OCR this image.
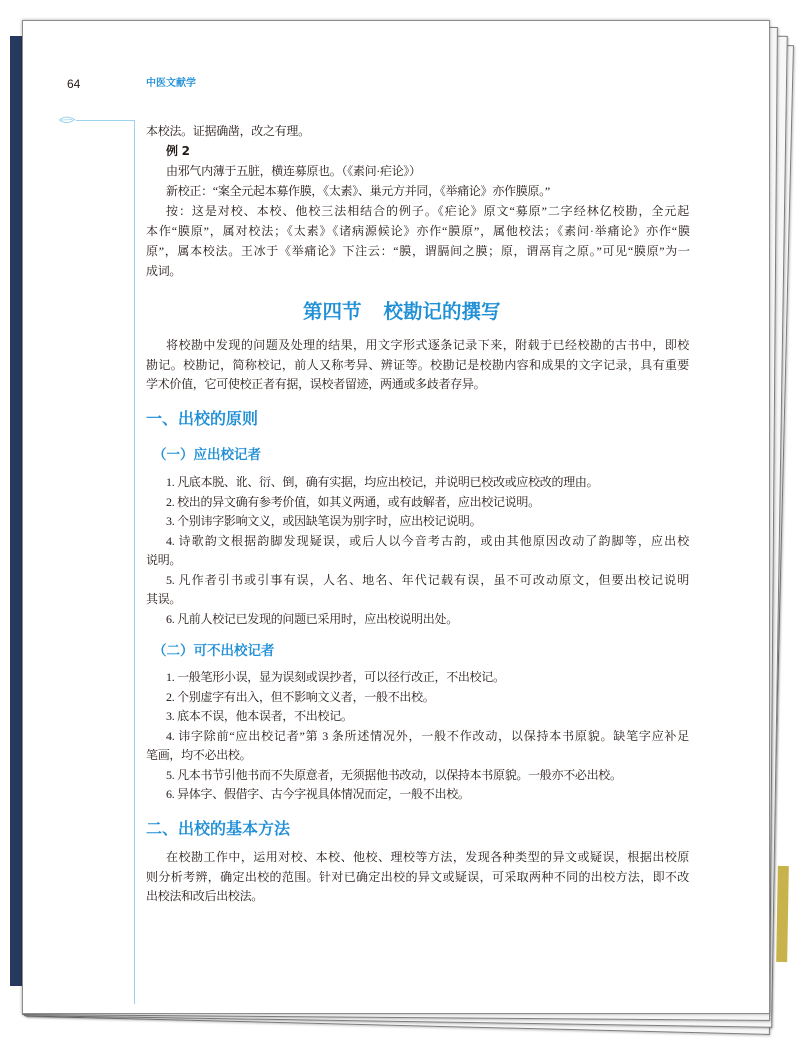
64	中医文献学
本校法。证据确凿，改之有理。
例 2
由邪气内薄于五脏，横连募原也。（《素问·疟论》）
新校正：“案全元起本募作膜，《太素》、巢元方并同，《举痛论》亦作膜原。”
按：这是对校、本校、他校三法相结合的例子。《疟论》原文“募原”二字经林亿校勘，全元起
本作“膜原”，属对校法；《太素》《诸病源候论》亦作“膜原”，属他校法；《素问·举痛论》亦作“膜
原”，属本校法。王冰于《举痛论》下注云：“膜，谓膈间之膜；原，谓鬲肓之原。”可见“膜原”为一
成词。
第四节 校勘记的撰写
将校勘中发现的问题及处理的结果，用文字形式逐条记录下来，附载于已经校勘的古书中，即校
勘记。校勘记，简称校记，前人又称考异、辨证等。校勘记是校勘内容和成果的文字记录，具有重要
学术价值，它可使校正者有据，误校者留迹，两通或多歧者存异。
一、出校的原则
（一）应出校记者
1. 凡底本脱、讹、衍、倒，确有实据，均应出校记，并说明已校改或应校改的理由。
2. 校出的异文确有参考价值，如其义两通，或有歧解者，应出校记说明。
3. 个别讳字影响文义，或因缺笔误为别字时，应出校记说明。
4. 诗歌韵文根据韵脚发现疑误，或后人以今音考古韵，或由其他原因改动了韵脚等，应出校
说明。
5. 凡作者引书或引事有误，人名、地名、年代记载有误，虽不可改动原文，但要出校记说明
其误。
6. 凡前人校记已发现的问题已采用时，应出校说明出处。
（二）可不出校记者
1. 一般笔形小误，显为误刻或误抄者，可以径行改正，不出校记。
2. 个别虚字有出入，但不影响文义者，一般不出校。
3. 底本不误，他本误者，不出校记。
4. 讳字除前“应出校记者”第 3 条所述情况外，一般不作改动，以保持本书原貌。缺笔字应补足
笔画，均不必出校。
5. 凡本书节引他书而不失原意者，无须据他书改动，以保持本书原貌。一般亦不必出校。
6. 异体字、假借字、古今字视具体情况而定，一般不出校。
二、出校的基本方法
在校勘工作中，运用对校、本校、他校、理校等方法，发现各种类型的异文或疑误，根据出校原
则分析考辨，确定出校的范围。针对已确定出校的异文或疑误，可采取两种不同的出校方法，即不改
出校法和改后出校法。
